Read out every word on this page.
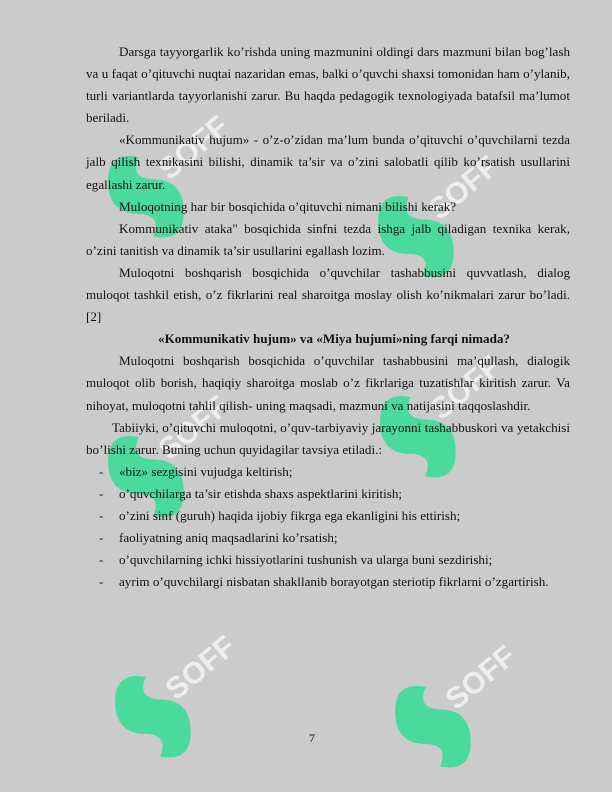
SOFF
SOFF
SOFF
SOFF
SOFF	SOFF

Darsga tayyorgarlik ko’rishda uning mazmunini oldingi dars mazmuni bilan bog’lash va u faqat o’qituvchi nuqtai nazaridan emas, balki o’quvchi shaxsi tomonidan ham o’ylanib, turli variantlarda tayyorlanishi zarur. Bu haqda pedagogik texnologiyada batafsil ma’lumot beriladi.

«Kommunikativ hujum» - o’z-o’zidan ma’lum bunda o’qituvchi o’quvchilarni tezda jalb qilish texnikasini bilishi, dinamik ta’sir va o’zini salobatli qilib ko’rsatish usullarini egallashi zarur.

Muloqotning har bir bosqichida o’qituvchi nimani bilishi kerak?

Kommunikativ ataka" bosqichida sinfni tezda ishga jalb qiladigan texnika kerak, o’zini tanitish va dinamik ta’sir usullarini egallash lozim.

Muloqotni boshqarish bosqichida o’quvchilar tashabbusini quvvatlash, dialog muloqot tashkil etish, o’z fikrlarini real sharoitga moslay olish ko’nikmalari zarur bo’ladi.[2]

«Kommunikativ hujum» va «Miya hujumi»ning farqi nimada?

Muloqotni boshqarish bosqichida o’quvchilar tashabbusini ma’qullash, dialogik muloqot olib borish, haqiqiy sharoitga moslab o’z fikrlariga tuzatishlar kiritish zarur. Va nihoyat, muloqotni tahlil qilish- uning maqsadi, mazmuni va natijasini taqqoslashdir.

Tabiiyki, o’qituvchi muloqotni, o’quv-tarbiyaviy jarayonni tashabbuskori va yetakchisi bo’lishi zarur. Buning uchun quyidagilar tavsiya etiladi.:

- «biz» sezgisini vujudga keltirish;
- o’quvchilarga ta’sir etishda shaxs aspektlarini kiritish;
- o’zini sinf (guruh) haqida ijobiy fikrga ega ekanligini his ettirish;
- faoliyatning aniq maqsadlarini ko’rsatish;
- o’quvchilarning ichki hissiyotlarini tushunish va ularga buni sezdirishi;
- ayrim o’quvchilargi nisbatan shakllanib borayotgan steriotip fikrlarni o’zgartirish.
7
